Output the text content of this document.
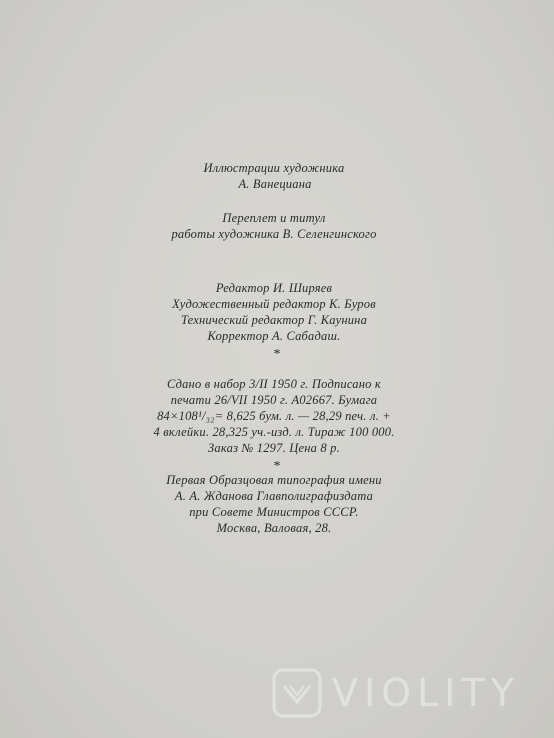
Иллюстрации художника
А. Ванециана
Переплет и титул
работы художника В. Селенгинского
Редактор И. Ширяев
Художественный редактор К. Буров
Технический редактор Г. Каунина
Корректор А. Сабадаш.
*
Сдано в набор 3/II 1950 г. Подписано к
печати 26/VII 1950 г. А02667. Бумага
84×108¹/₃₂= 8,625 бум. л. — 28,29 печ. л. +
4 вклейки. 28,325 уч.-изд. л. Тираж 100 000.
Заказ № 1297. Цена 8 р.
*
Первая Образцовая типография имени
А. А. Жданова Главполиграфиздата
при Совете Министров СССР.
Москва, Валовая, 28.
VIOLITY
